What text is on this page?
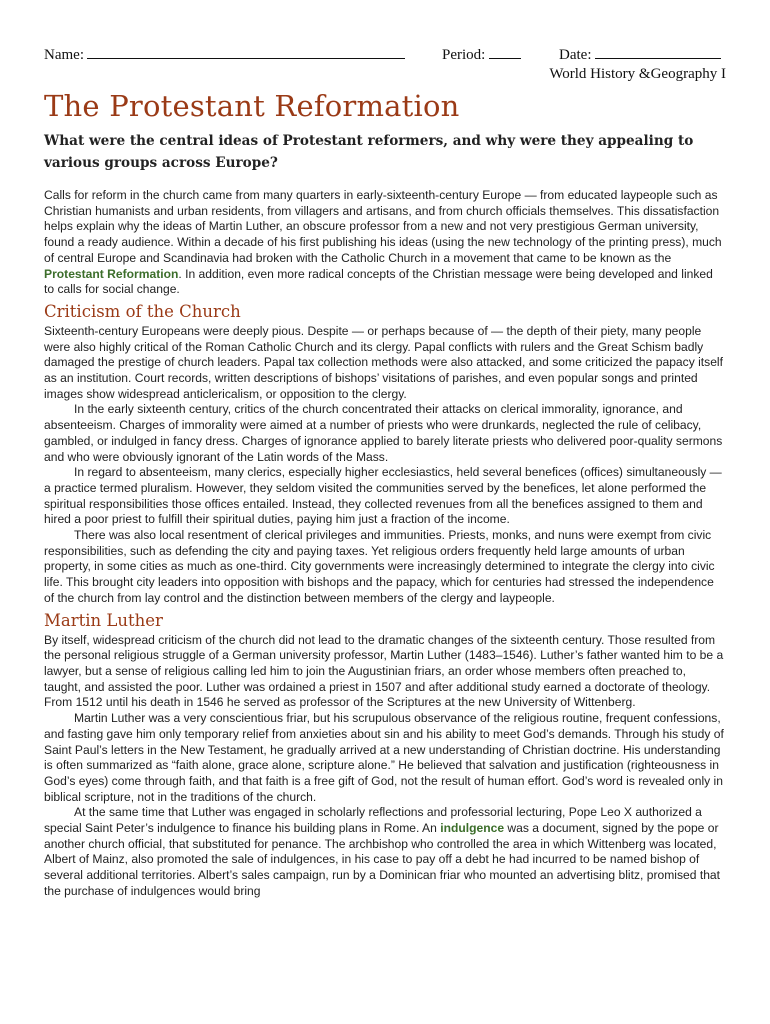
Name:	Period:	Date:
World History &Geography I
The Protestant Reformation

What were the central ideas of Protestant reformers, and why were they appealing to various groups across Europe?

Calls for reform in the church came from many quarters in early-sixteenth-century Europe — from educated laypeople such as Christian humanists and urban residents, from villagers and artisans, and from church officials themselves. This dissatisfaction helps explain why the ideas of Martin Luther, an obscure professor from a new and not very prestigious German university, found a ready audience. Within a decade of his first publishing his ideas (using the new technology of the printing press), much of central Europe and Scandinavia had broken with the Catholic Church in a movement that came to be known as the Protestant Reformation. In addition, even more radical concepts of the Christian message were being developed and linked to calls for social change.

Criticism of the Church

Sixteenth-century Europeans were deeply pious. Despite — or perhaps because of — the depth of their piety, many people were also highly critical of the Roman Catholic Church and its clergy. Papal conflicts with rulers and the Great Schism badly damaged the prestige of church leaders. Papal tax collection methods were also attacked, and some criticized the papacy itself as an institution. Court records, written descriptions of bishops’ visitations of parishes, and even popular songs and printed images show widespread anticlericalism, or opposition to the clergy.

In the early sixteenth century, critics of the church concentrated their attacks on clerical immorality, ignorance, and absenteeism. Charges of immorality were aimed at a number of priests who were drunkards, neglected the rule of celibacy, gambled, or indulged in fancy dress. Charges of ignorance applied to barely literate priests who delivered poor-quality sermons and who were obviously ignorant of the Latin words of the Mass.

In regard to absenteeism, many clerics, especially higher ecclesiastics, held several benefices (offices) simultaneously — a practice termed pluralism. However, they seldom visited the communities served by the benefices, let alone performed the spiritual responsibilities those offices entailed. Instead, they collected revenues from all the benefices assigned to them and hired a poor priest to fulfill their spiritual duties, paying him just a fraction of the income.

There was also local resentment of clerical privileges and immunities. Priests, monks, and nuns were exempt from civic responsibilities, such as defending the city and paying taxes. Yet religious orders frequently held large amounts of urban property, in some cities as much as one-third. City governments were increasingly determined to integrate the clergy into civic life. This brought city leaders into opposition with bishops and the papacy, which for centuries had stressed the independence of the church from lay control and the distinction between members of the clergy and laypeople.

Martin Luther

By itself, widespread criticism of the church did not lead to the dramatic changes of the sixteenth century. Those resulted from the personal religious struggle of a German university professor, Martin Luther (1483–1546). Luther’s father wanted him to be a lawyer, but a sense of religious calling led him to join the Augustinian friars, an order whose members often preached to, taught, and assisted the poor. Luther was ordained a priest in 1507 and after additional study earned a doctorate of theology. From 1512 until his death in 1546 he served as professor of the Scriptures at the new University of Wittenberg.

Martin Luther was a very conscientious friar, but his scrupulous observance of the religious routine, frequent confessions, and fasting gave him only temporary relief from anxieties about sin and his ability to meet God’s demands. Through his study of Saint Paul’s letters in the New Testament, he gradually arrived at a new understanding of Christian doctrine. His understanding is often summarized as “faith alone, grace alone, scripture alone.” He believed that salvation and justification (righteousness in God’s eyes) come through faith, and that faith is a free gift of God, not the result of human effort. God’s word is revealed only in biblical scripture, not in the traditions of the church.

At the same time that Luther was engaged in scholarly reflections and professorial lecturing, Pope Leo X authorized a special Saint Peter’s indulgence to finance his building plans in Rome. An indulgence was a document, signed by the pope or another church official, that substituted for penance. The archbishop who controlled the area in which Wittenberg was located, Albert of Mainz, also promoted the sale of indulgences, in his case to pay off a debt he had incurred to be named bishop of several additional territories. Albert’s sales campaign, run by a Dominican friar who mounted an advertising blitz, promised that the purchase of indulgences would bring
